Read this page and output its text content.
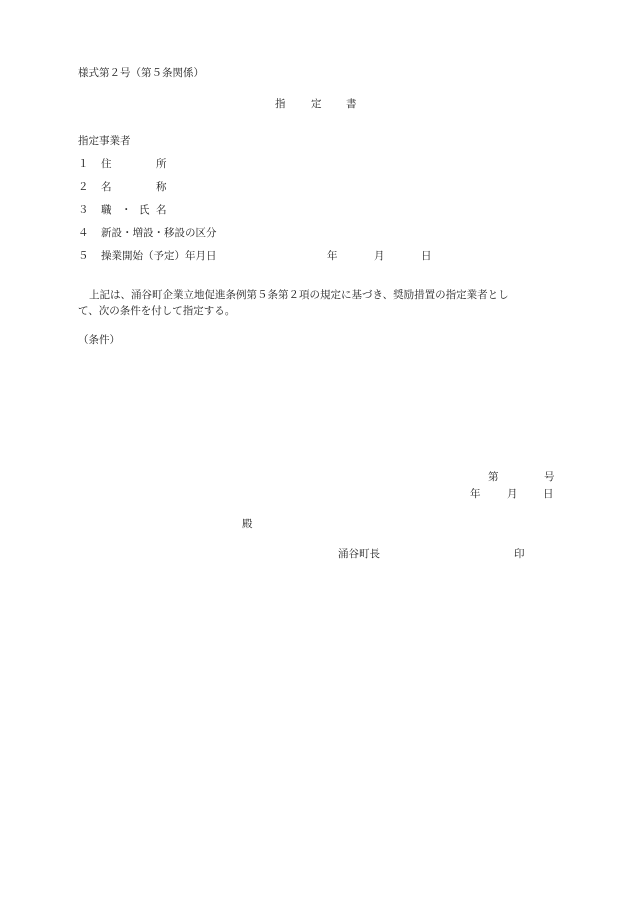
様式第２号（第５条関係）
指 定 書
指定事業者
１ 住	所
２ 名	称
３ 職 ・ 氏 名
４ 新設・増設・移設の区分
５ 操業開始（予定）年月日	年	月	日
上記は、涌谷町企業立地促進条例第５条第２項の規定に基づき、奨励措置の指定業者とし
て、次の条件を付して指定する。
（条件）
第	号
年	月 日
殿
涌谷町長	印
